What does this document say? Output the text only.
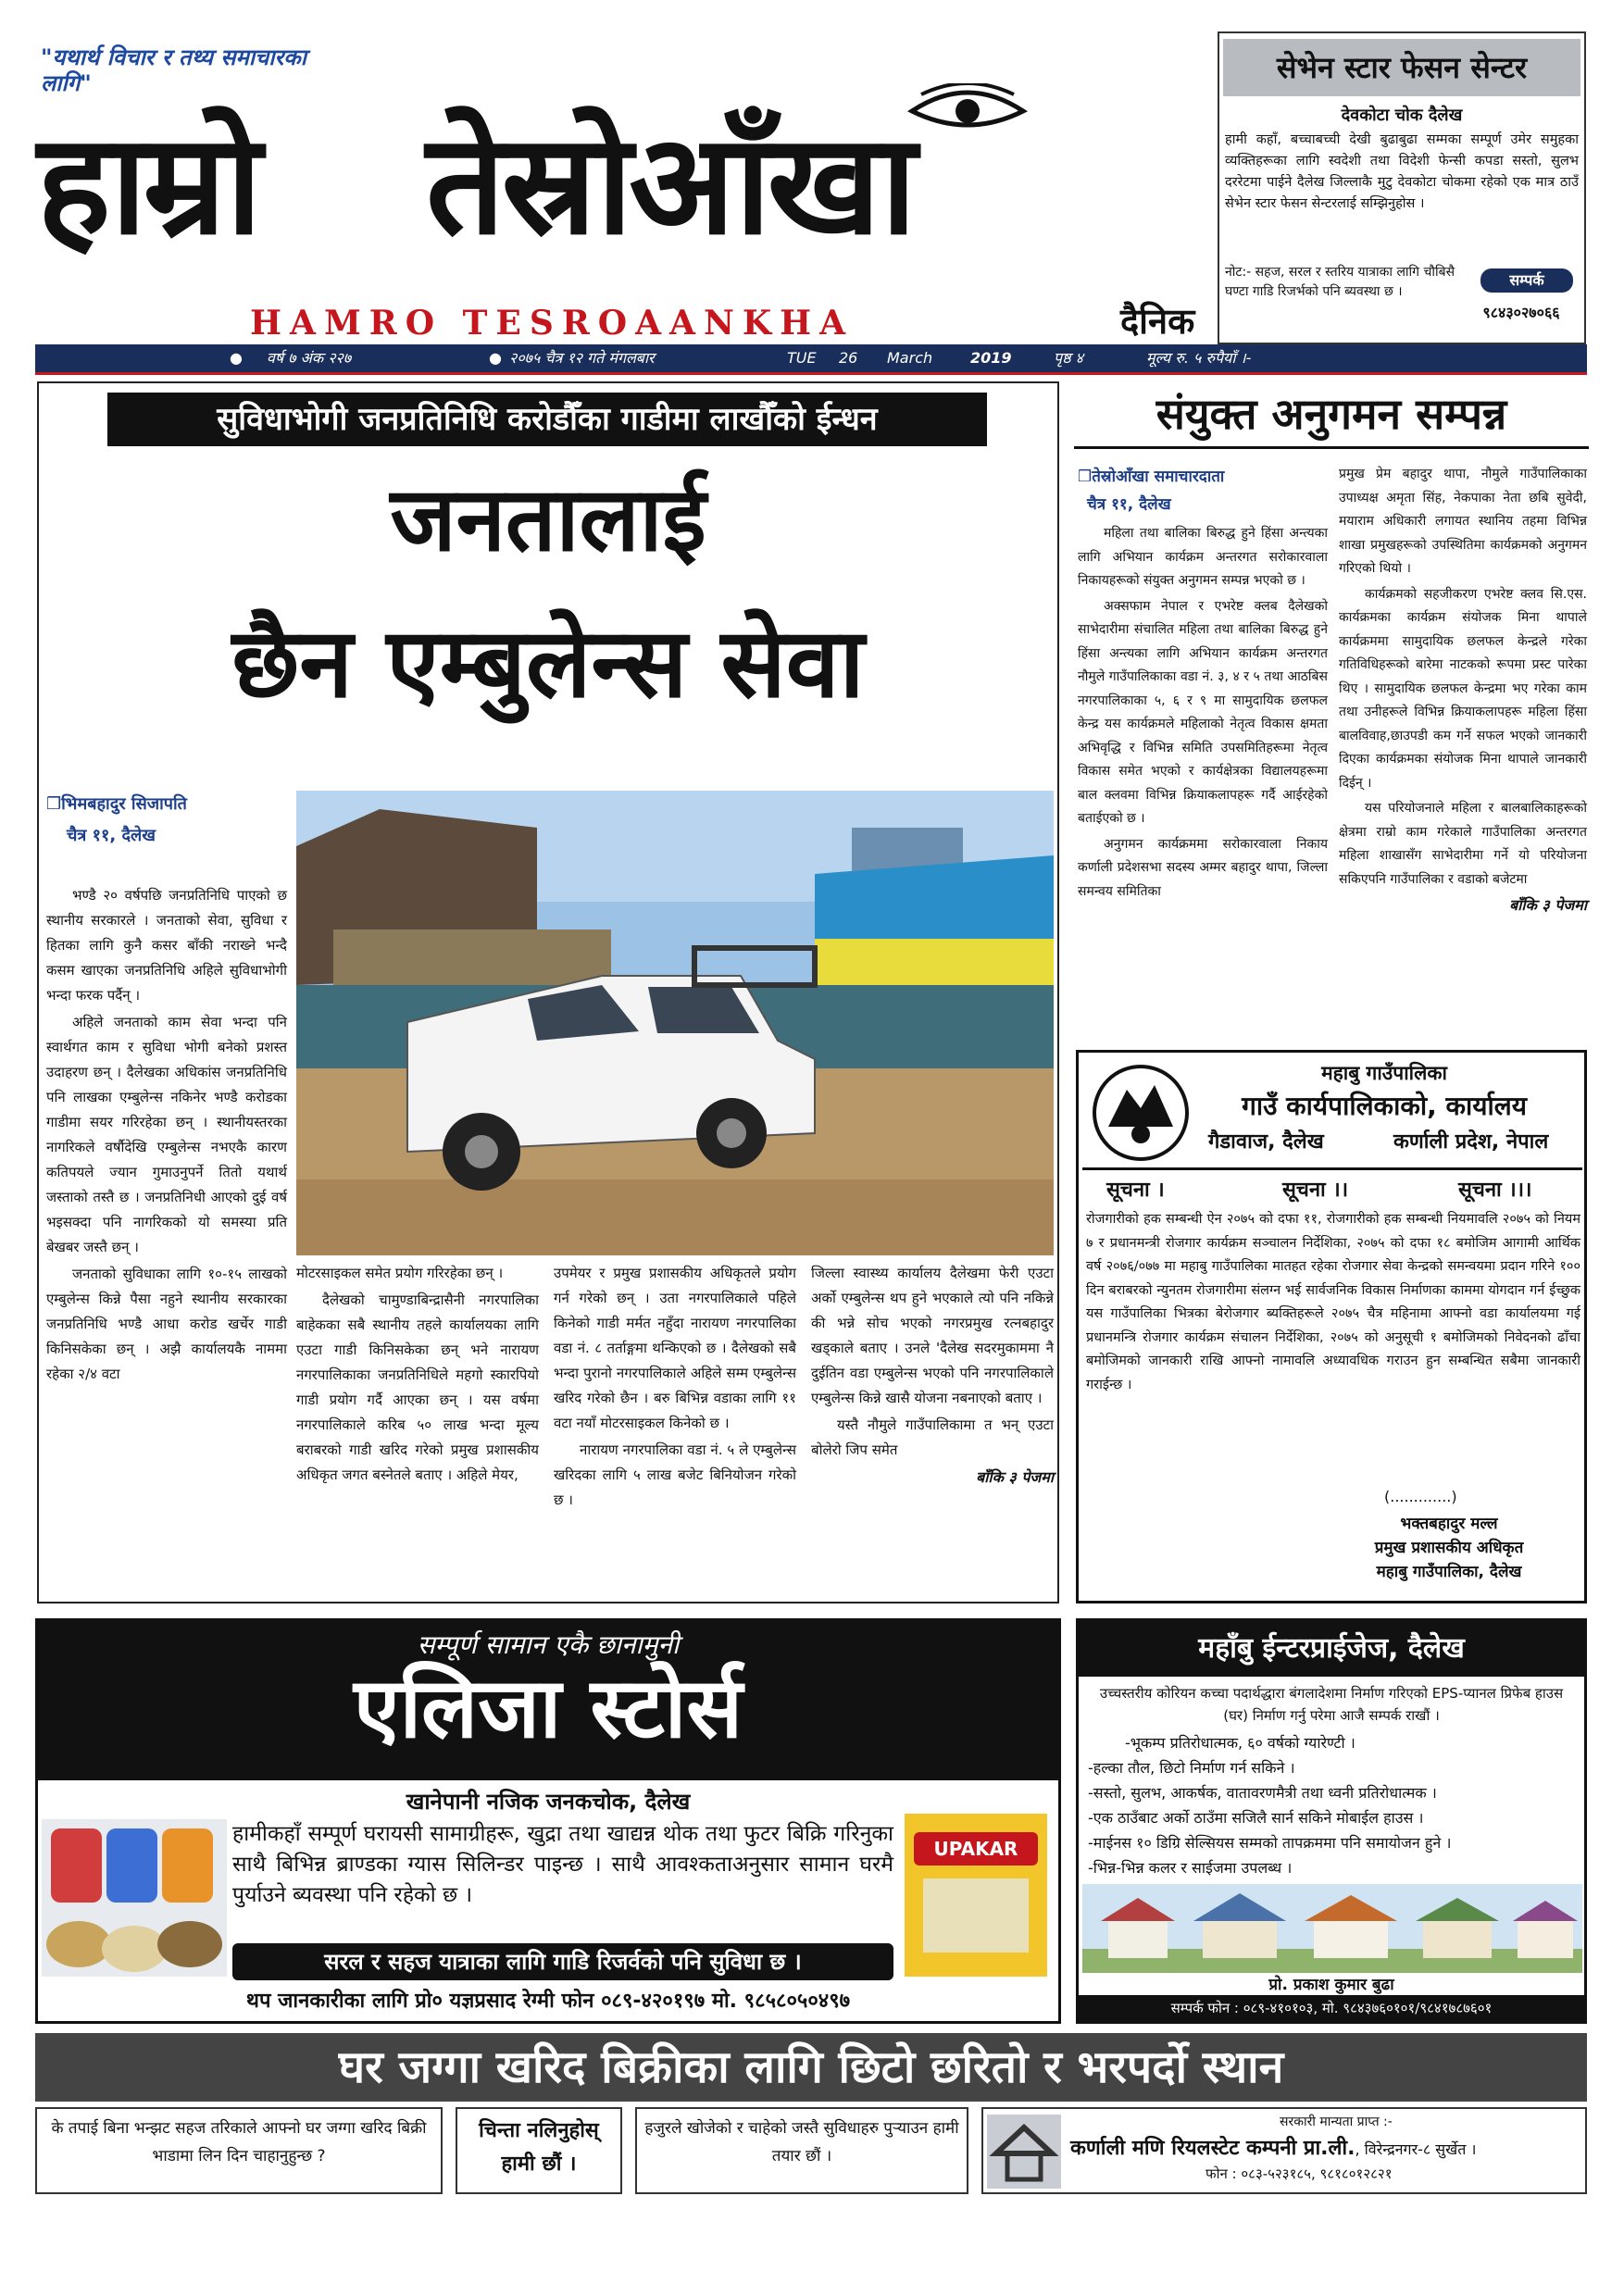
"यथार्थ विचार र तथ्य समाचारका लागि"
हाम्रो तेस्रोआँखा
HAMRO TESROAANKHA	दैनिक
सेभेन स्टार फेसन सेन्टर
देवकोटा चोक दैलेख
हामी कहाँ, बच्चाबच्ची देखी बुढाबुढा सम्मका सम्पूर्ण उमेर समुहका व्यक्तिहरूका लागि स्वदेशी तथा विदेशी फेन्सी कपडा सस्तो, सुलभ दररेटमा पाईने दैलेख जिल्लाकै मुटु देवकोटा चोकमा रहेको एक मात्र ठाउँ सेभेन स्टार फेसन सेन्टरलाई सम्झिनुहोस ।
नोट:- सहज, सरल र स्तरिय यात्राका लागि चौबिसै घण्टा गाडि रिजर्भको पनि ब्यवस्था छ ।
सम्पर्क
९८४३०२७०६६
● वर्ष ७ अंक २२७	● २०७५ चैत्र १२ गते मंगलबार	TUE 26 March	2019	पृष्ठ ४	मूल्य रु. ५ रुपैयाँ ।-
सुविधाभोगी जनप्रतिनिधि करोडौँका गाडीमा लाखौँको ईन्धन
जनतालाई
छैन एम्बुलेन्स सेवा
❒भिमबहादुर सिजापति
चैत्र ११, दैलेख

भण्डै २० वर्षपछि जनप्रतिनिधि पाएको छ स्थानीय सरकारले । जनताको सेवा, सुविधा र हितका लागि कुनै कसर बाँकी नराख्ने भन्दै कसम खाएका जनप्रतिनिधि अहिले सुविधाभोगी भन्दा फरक पर्दैन् ।

अहिले जनताको काम सेवा भन्दा पनि स्वार्थगत काम र सुविधा भोगी बनेको प्रशस्त उदाहरण छन् । दैलेखका अधिकांस जनप्रतिनिधि पनि लाखका एम्बुलेन्स नकिनेर भण्डै करोडका गाडीमा सयर गरिरहेका छन् । स्थानीयस्तरका नागरिकले वर्षौदेखि एम्बुलेन्स नभएकै कारण कतिपयले ज्यान गुमाउनुपर्ने तितो यथार्थ जस्ताको तस्तै छ । जनप्रतिनिधी आएको दुई वर्ष भइसक्दा पनि नागरिकको यो समस्या प्रति बेखबर जस्तै छन् ।

जनताको सुविधाका लागि १०-१५ लाखको एम्बुलेन्स किन्ने पैसा नहुने स्थानीय सरकारका जनप्रतिनिधि भण्डै आधा करोड खर्चेर गाडी किनिसकेका छन् । अझै कार्यालयकै नाममा रहेका २/४ वटा

मोटरसाइकल समेत प्रयोग गरिरहेका छन् ।

दैलेखको चामुण्डाबिन्द्रासैनी नगरपालिका बाहेकका सबै स्थानीय तहले कार्यालयका लागि एउटा गाडी किनिसकेका छन् भने नारायण नगरपालिकाका जनप्रतिनिधिले महगो स्कारपियो गाडी प्रयोग गर्दै आएका छन् । यस वर्षमा नगरपालिकाले करिब ५० लाख भन्दा मूल्य बराबरको गाडी खरिद गरेको प्रमुख प्रशासकीय अधिकृत जगत बस्नेतले बताए । अहिले मेयर,

उपमेयर र प्रमुख प्रशासकीय अधिकृतले प्रयोग गर्न गरेको छन् । उता नगरपालिकाले पहिले किनेको गाडी मर्मत नहुँदा नारायण नगरपालिका वडा नं. ८ तर्ताङ्गमा थन्किएको छ । दैलेखको सबै भन्दा पुरानो नगरपालिकाले अहिले सम्म एम्बुलेन्स खरिद गरेको छैन । बरु बिभिन्न वडाका लागि ११ वटा नयाँ मोटरसाइकल किनेको छ ।

नारायण नगरपालिका वडा नं. ५ ले एम्बुलेन्स खरिदका लागि ५ लाख बजेट बिनियोजन गरेको छ ।

जिल्ला स्वास्थ्य कार्यालय दैलेखमा फेरी एउटा अर्को एम्बुलेन्स थप हुने भएकाले त्यो पनि नकिन्ने की भन्ने सोच भएको नगरप्रमुख रत्नबहादुर खड्काले बताए । उनले 'दैलेख सदरमुकाममा नै दुईतिन वडा एम्बुलेन्स भएको पनि नगरपालिकाले एम्बुलेन्स किन्ने खासै योजना नबनाएको बताए ।

यस्तै नौमुले गाउँपालिकामा त भन् एउटा बोलेरो जिप समेत

बाँकि ३ पेजमा
संयुक्त अनुगमन सम्पन्न
❒तेस्रोआँखा समाचारदाता
चैत्र ११, दैलेख

महिला तथा बालिका बिरुद्ध हुने हिंसा अन्त्यका लागि अभियान कार्यक्रम अन्तरगत सरोकारवाला निकायहरूको संयुक्त अनुगमन सम्पन्न भएको छ ।

अक्सफाम नेपाल र एभरेष्ट क्लब दैलेखको साभेदारीमा संचालित महिला तथा बालिका बिरुद्ध हुने हिंसा अन्त्यका लागि अभियान कार्यक्रम अन्तरगत नौमुले गाउँपालिकाका वडा नं. ३, ४ र ५ तथा आठबिस नगरपालिकाका ५, ६ र ९ मा सामुदायिक छलफल केन्द्र यस कार्यक्रमले महिलाको नेतृत्व विकास क्षमता अभिवृद्धि र विभिन्न समिति उपसमितिहरूमा नेतृत्व विकास समेत भएको र कार्यक्षेत्रका विद्यालयहरूमा बाल क्लवमा विभिन्न क्रियाकलापहरू गर्दै आईरहेको बताईएको छ ।

अनुगमन कार्यक्रममा सरोकारवाला निकाय कर्णाली प्रदेशसभा सदस्य अम्मर बहादुर थापा, जिल्ला समन्वय समितिका

प्रमुख प्रेम बहादुर थापा, नौमुले गाउँपालिकाका उपाध्यक्ष अमृता सिंह, नेकपाका नेता छबि सुवेदी, मयाराम अधिकारी लगायत स्थानिय तहमा विभिन्न शाखा प्रमुखहरूको उपस्थितिमा कार्यक्रमको अनुगमन गरिएको थियो ।

कार्यक्रमको सहजीकरण एभरेष्ट क्लव सि.एस. कार्यक्रमका कार्यक्रम संयोजक मिना थापाले कार्यक्रममा सामुदायिक छलफल केन्द्रले गरेका गतिविधिहरूको बारेमा नाटकको रूपमा प्रस्ट पारेका थिए । सामुदायिक छलफल केन्द्रमा भए गरेका काम तथा उनीहरूले विभिन्न क्रियाकलापहरू महिला हिंसा बालविवाह,छाउपडी कम गर्ने सफल भएको जानकारी दिएका कार्यक्रमका संयोजक मिना थापाले जानकारी दिईन् ।

यस परियोजनाले महिला र बालबालिकाहरूको क्षेत्रमा राम्रो काम गरेकाले गाउँपालिका अन्तरगत महिला शाखासँग साभेदारीमा गर्ने यो परियोजना सकिएपनि गाउँपालिका र वडाको बजेटमा

बाँकि ३ पेजमा
महाबु गाउँपालिका
गाउँ कार्यपालिकाको, कार्यालय
गैडावाज, दैलेख	कर्णाली प्रदेश, नेपाल
सूचना ।	सूचना ।।	सूचना ।।।
रोजगारीको हक सम्बन्धी ऐन २०७५ को दफा ११, रोजगारीको हक सम्बन्धी नियमावलि २०७५ को नियम ७ र प्रधानमन्त्री रोजगार कार्यक्रम सञ्चालन निर्देशिका, २०७५ को दफा १८ बमोजिम आगामी आर्थिक वर्ष २०७६/०७७ मा महाबु गाउँपालिका मातहत रहेका रोजगार सेवा केन्द्रको समन्वयमा प्रदान गरिने १०० दिन बराबरको न्युनतम रोजगारीमा संलग्न भई सार्वजनिक विकास निर्माणका काममा योगदान गर्न ईच्छुक यस गाउँपालिका भित्रका बेरोजगार ब्यक्तिहरूले २०७५ चैत्र महिनामा आफ्नो वडा कार्यालयमा गई प्रधानमन्त्रि रोजगार कार्यक्रम संचालन निर्देशिका, २०७५ को अनुसूची १ बमोजिमको निवेदनको ढाँचा बमोजिमको जानकारी राखि आफ्नो नामावलि अध्यावधिक गराउन हुन सम्बन्धित सबैमा जानकारी गराईन्छ ।
(.............)
भक्तबहादुर मल्ल
प्रमुख प्रशासकीय अधिकृत
महाबु गाउँपालिका, दैलेख
सम्पूर्ण सामान एकै छानामुनी
एलिजा स्टोर्स
खानेपानी नजिक जनकचोक, दैलेख
हामीकहाँ सम्पूर्ण घरायसी सामाग्रीहरू, खुद्रा तथा खाद्यन्न थोक तथा फुटर बिक्रि गरिनुका साथै बिभिन्न ब्राण्डका ग्यास सिलिन्डर पाइन्छ । साथै आवश्कताअनुसार सामान घरमै पुर्याउने ब्यवस्था पनि रहेको छ ।
UPAKAR
सरल र सहज यात्राका लागि गाडि रिजर्वको पनि सुविधा छ ।
थप जानकारीका लागि प्रो० यज्ञप्रसाद रेग्मी फोन ०८९-४२०१९७ मो. ९८५८०५०४९७
महाँबु ईन्टरप्राईजेज, दैलेख
उच्चस्तरीय कोरियन कच्चा पदार्थद्धारा बंगलादेशमा निर्माण गरिएको EPS-प्यानल प्रिफेब हाउस (घर) निर्माण गर्नु परेमा आजै सम्पर्क राखौं ।

-भूकम्प प्रतिरोधात्मक, ६० वर्षको ग्यारेण्टी ।

-हल्का तौल, छिटो निर्माण गर्न सकिने ।

-सस्तो, सुलभ, आकर्षक, वातावरणमैत्री तथा ध्वनी प्रतिरोधात्मक ।

-एक ठाउँबाट अर्को ठाउँमा सजिलै सार्न सकिने मोबाईल हाउस ।

-माईनस १० डिग्रि सेल्सियस सम्मको तापक्रममा पनि समायोजन हुने ।

-भिन्न-भिन्न कलर र साईजमा उपलब्ध ।

प्रो. प्रकाश कुमार बुढा
सम्पर्क फोन : ०८९-४१०१०३, मो. ९८४३७६०१०१/९८४१७८७६०१
घर जग्गा खरिद बिक्रीका लागि छिटो छरितो र भरपर्दो स्थान
के तपाई बिना भन्झट सहज तरिकाले आफ्नो घर जग्गा खरिद बिक्री भाडामा लिन दिन चाहानुहुन्छ ?
चिन्ता नलिनुहोस् हामी छौं ।
हजुरले खोजेको र चाहेको जस्तै सुविधाहरु पुऱ्याउन हामी तयार छौं ।
सरकारी मान्यता प्राप्त :-
कर्णाली मणि रियलस्टेट कम्पनी प्रा.ली., विरेन्द्रनगर-८ सुर्खेत ।
फोन : ०८३-५२३१८५, ९८१८०१२८२१
